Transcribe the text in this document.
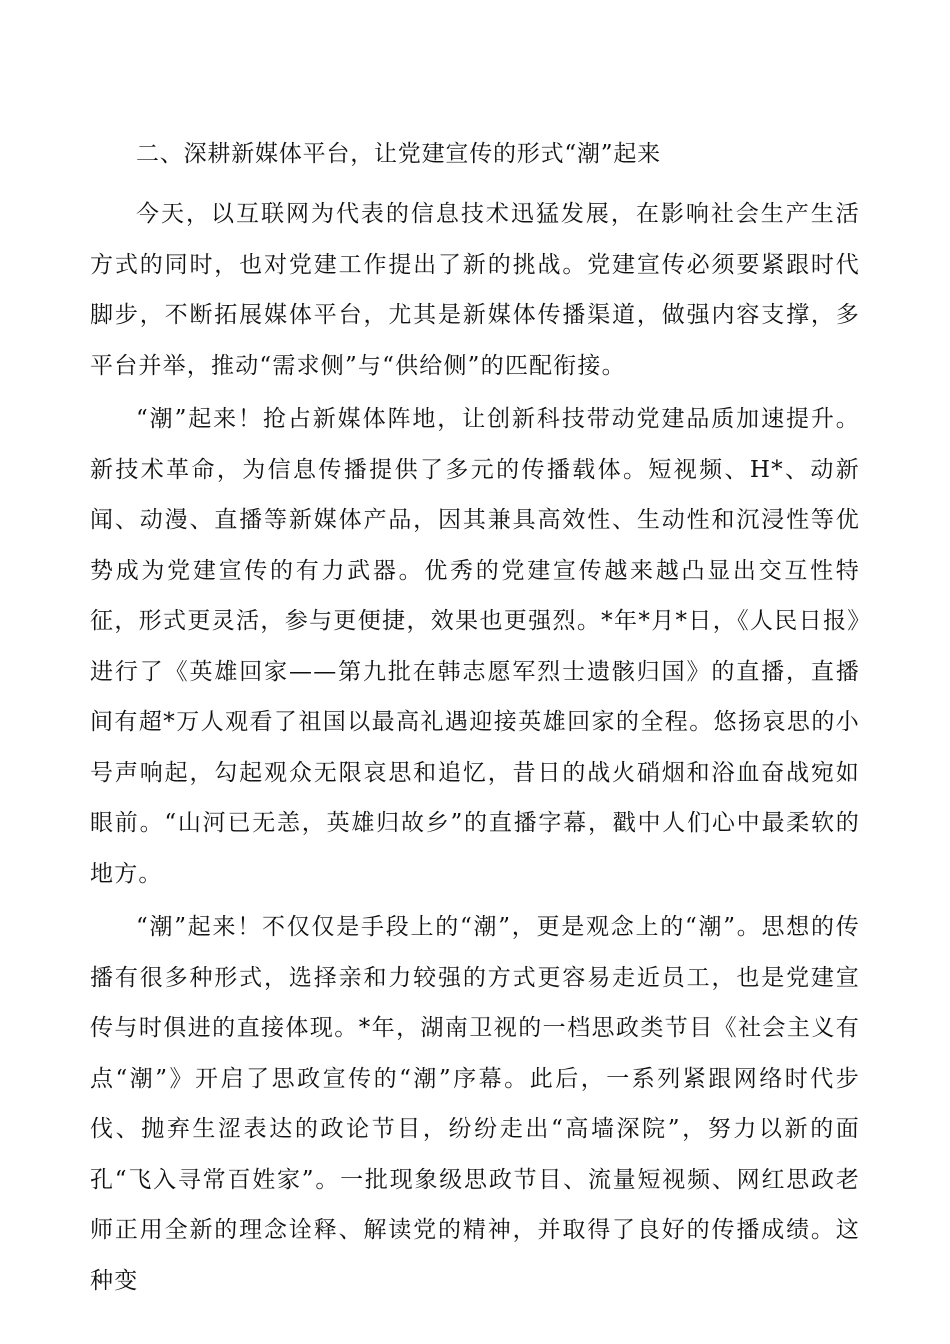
二、深耕新媒体平台，让党建宣传的形式“潮”起来

今天，以互联网为代表的信息技术迅猛发展，在影响社会生产生活方式的同时，也对党建工作提出了新的挑战。党建宣传必须要紧跟时代脚步，不断拓展媒体平台，尤其是新媒体传播渠道，做强内容支撑，多平台并举，推动“需求侧”与“供给侧”的匹配衔接。

“潮”起来！抢占新媒体阵地，让创新科技带动党建品质加速提升。新技术革命，为信息传播提供了多元的传播载体。短视频、H*、动新闻、动漫、直播等新媒体产品，因其兼具高效性、生动性和沉浸性等优势成为党建宣传的有力武器。优秀的党建宣传越来越凸显出交互性特征，形式更灵活，参与更便捷，效果也更强烈。*年*月*日，《人民日报》进行了《英雄回家——第九批在韩志愿军烈士遗骸归国》的直播，直播间有超*万人观看了祖国以最高礼遇迎接英雄回家的全程。悠扬哀思的小号声响起，勾起观众无限哀思和追忆，昔日的战火硝烟和浴血奋战宛如眼前。“山河已无恙，英雄归故乡”的直播字幕，戳中人们心中最柔软的地方。

“潮”起来！不仅仅是手段上的“潮”，更是观念上的“潮”。思想的传播有很多种形式，选择亲和力较强的方式更容易走近员工，也是党建宣传与时俱进的直接体现。*年，湖南卫视的一档思政类节目《社会主义有点“潮”》开启了思政宣传的“潮”序幕。此后，一系列紧跟网络时代步伐、抛弃生涩表达的政论节目，纷纷走出“高墙深院”，努力以新的面孔“飞入寻常百姓家”。一批现象级思政节目、流量短视频、网红思政老师正用全新的理念诠释、解读党的精神，并取得了良好的传播成绩。这种变
